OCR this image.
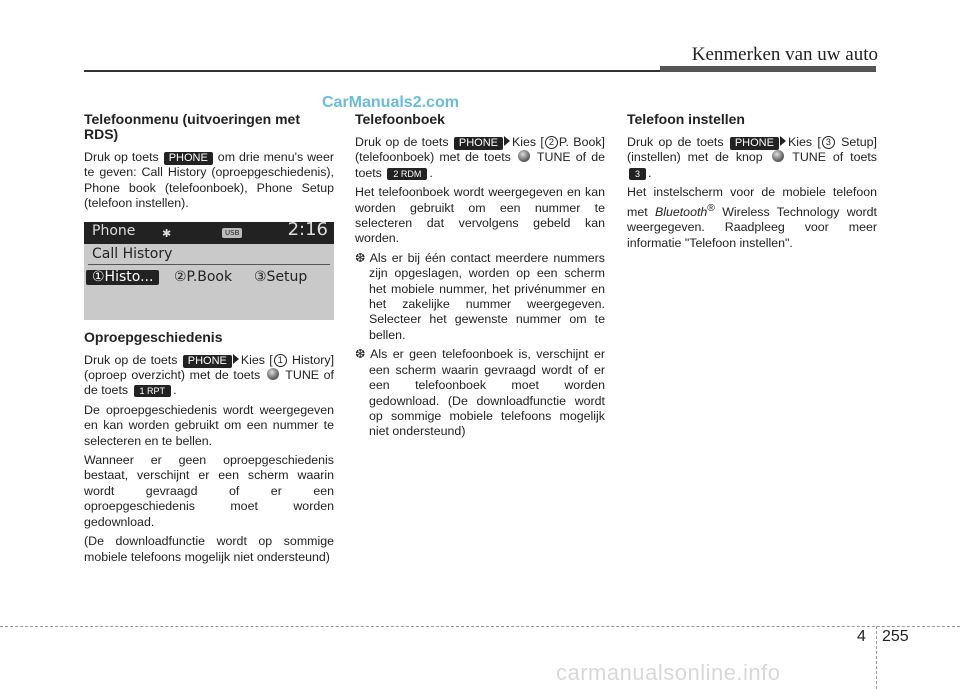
Kenmerken van uw auto
CarManuals2.com
Telefoonmenu (uitvoeringen met RDS)

Druk op toets PHONE om drie menu's weer te geven: Call History (oproepgeschiedenis), Phone book (telefoonboek), Phone Setup (telefoon instellen).

Phone ✱	USB	2:16
Call History
①Histo...	②P.Book ③Setup
Oproepgeschiedenis

Druk op de toets PHONE Kies [ 1 History] (oproep overzicht) met de toets TUNE of de toets 1 RPT .

De oproepgeschiedenis wordt weergegeven en kan worden gebruikt om een nummer te selecteren en te bellen.

Wanneer er geen oproepgeschiedenis bestaat, verschijnt er een scherm waarin wordt gevraagd of er een oproepgeschiedenis moet worden gedownload.

(De downloadfunctie wordt op sommige mobiele telefoons mogelijk niet ondersteund)

Telefoonboek

Druk op de toets PHONE Kies [ 2 P. Book] (telefoonboek) met de toets TUNE of de toets 2 RDM .

Het telefoonboek wordt weergegeven en kan worden gebruikt om een nummer te selecteren dat vervolgens gebeld kan worden.

❆ Als er bij één contact meerdere nummers zijn opgeslagen, worden op een scherm het mobiele nummer, het privénummer en het zakelijke nummer weergegeven. Selecteer het gewenste nummer om te bellen.

❆ Als er geen telefoonboek is, verschijnt er een scherm waarin gevraagd wordt of er een telefoonboek moet worden gedownload. (De downloadfunctie wordt op sommige mobiele telefoons mogelijk niet ondersteund)

Telefoon instellen

Druk op de toets PHONE Kies [ 3 Setup] (instellen) met de knop TUNE of toets 3 .

Het instelscherm voor de mobiele telefoon met Bluetooth® Wireless Technology wordt weergegeven. Raadpleeg voor meer informatie "Telefoon instellen".

4 255
carmanualsonline.info
